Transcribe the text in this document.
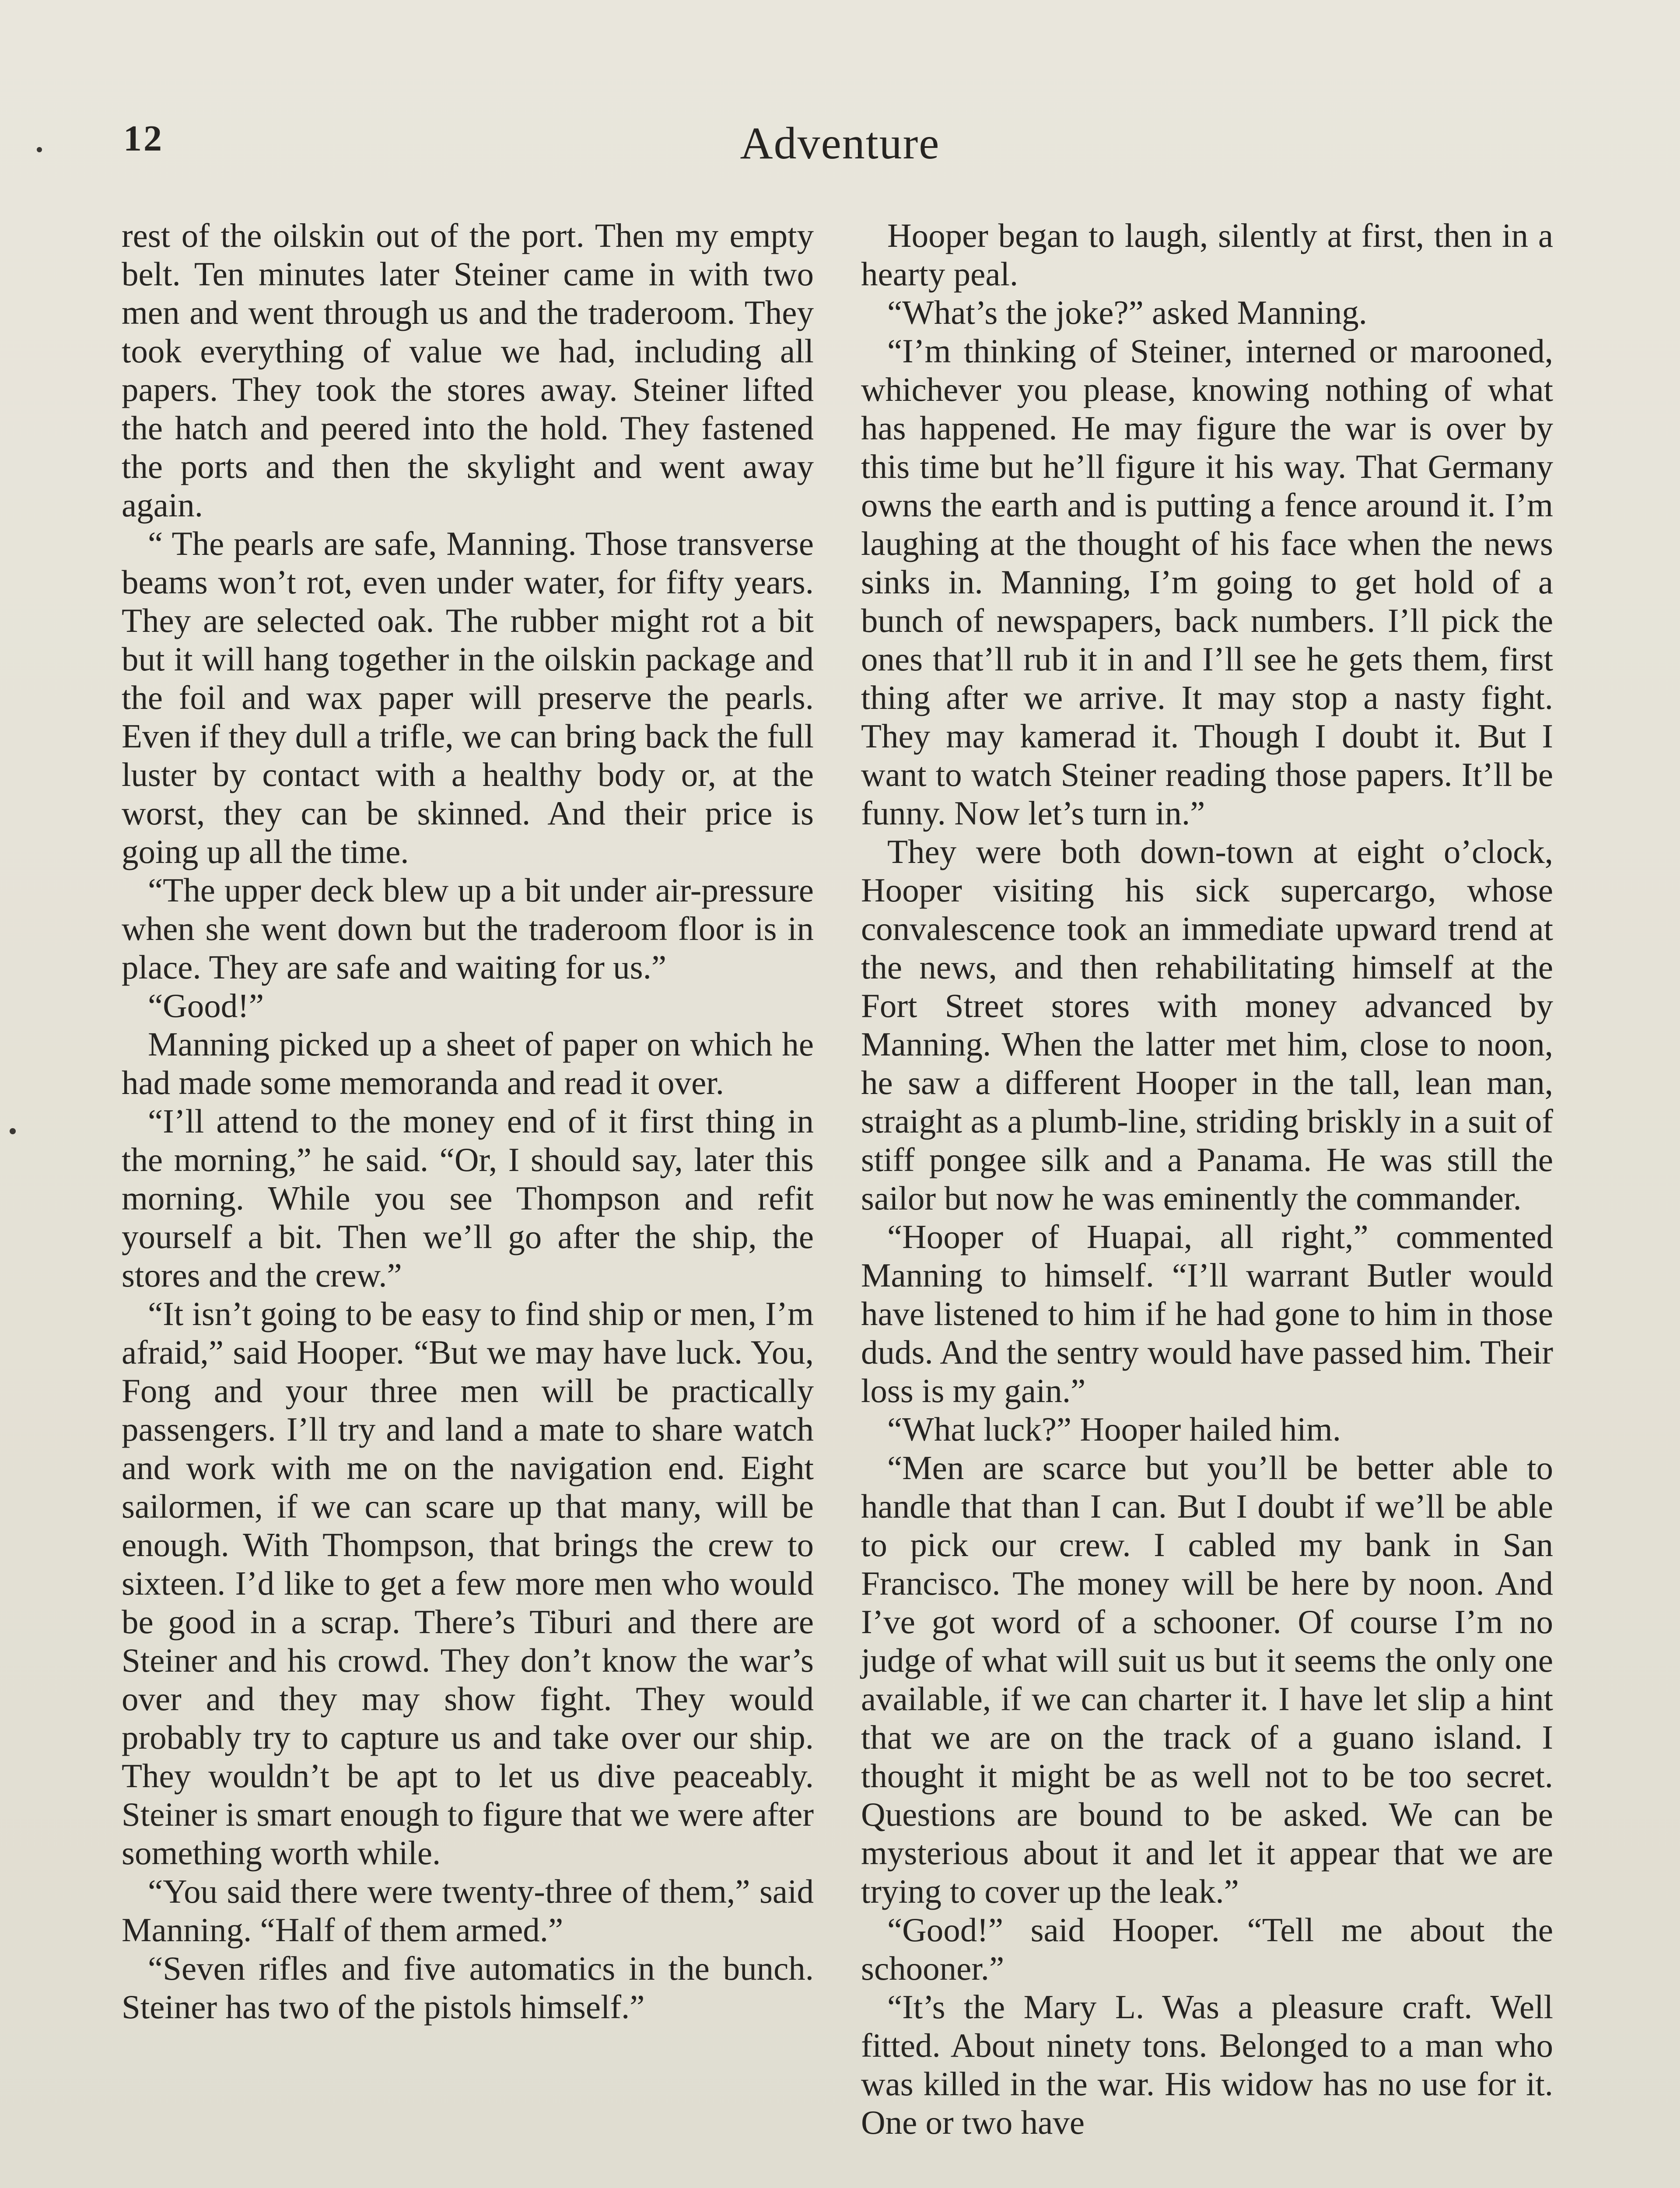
12	Adventure

rest of the oilskin out of the port. Then my empty belt. Ten minutes later Steiner came in with two men and went through us and the traderoom. They took everything of value we had, including all papers. They took the stores away. Steiner lifted the hatch and peered into the hold. They fastened the ports and then the skylight and went away again.

“ The pearls are safe, Manning. Those transverse beams won’t rot, even under water, for fifty years. They are selected oak. The rubber might rot a bit but it will hang together in the oilskin package and the foil and wax paper will preserve the pearls. Even if they dull a trifle, we can bring back the full luster by contact with a healthy body or, at the worst, they can be skinned. And their price is going up all the time.

“The upper deck blew up a bit under air-pressure when she went down but the traderoom floor is in place. They are safe and waiting for us.”

“Good!”

Manning picked up a sheet of paper on which he had made some memoranda and read it over.

“I’ll attend to the money end of it first thing in the morning,” he said. “Or, I should say, later this morning. While you see Thompson and refit yourself a bit. Then we’ll go after the ship, the stores and the crew.”

“It isn’t going to be easy to find ship or men, I’m afraid,” said Hooper. “But we may have luck. You, Fong and your three men will be practically passengers. I’ll try and land a mate to share watch and work with me on the navigation end. Eight sailormen, if we can scare up that many, will be enough. With Thompson, that brings the crew to sixteen. I’d like to get a few more men who would be good in a scrap. There’s Tiburi and there are Steiner and his crowd. They don’t know the war’s over and they may show fight. They would probably try to capture us and take over our ship. They wouldn’t be apt to let us dive peaceably. Steiner is smart enough to figure that we were after something worth while.

“You said there were twenty-three of them,” said Manning. “Half of them armed.”

“Seven rifles and five automatics in the bunch. Steiner has two of the pistols himself.”

Hooper began to laugh, silently at first, then in a hearty peal.

“What’s the joke?” asked Manning.

“I’m thinking of Steiner, interned or marooned, whichever you please, knowing nothing of what has happened. He may figure the war is over by this time but he’ll figure it his way. That Germany owns the earth and is putting a fence around it. I’m laughing at the thought of his face when the news sinks in. Manning, I’m going to get hold of a bunch of newspapers, back numbers. I’ll pick the ones that’ll rub it in and I’ll see he gets them, first thing after we arrive. It may stop a nasty fight. They may kamerad it. Though I doubt it. But I want to watch Steiner reading those papers. It’ll be funny. Now let’s turn in.”

They were both down-town at eight o’clock, Hooper visiting his sick supercargo, whose convalescence took an immediate upward trend at the news, and then rehabilitating himself at the Fort Street stores with money advanced by Manning. When the latter met him, close to noon, he saw a different Hooper in the tall, lean man, straight as a plumb-line, striding briskly in a suit of stiff pongee silk and a Panama. He was still the sailor but now he was eminently the commander.

“Hooper of Huapai, all right,” commented Manning to himself. “I’ll warrant Butler would have listened to him if he had gone to him in those duds. And the sentry would have passed him. Their loss is my gain.”

“What luck?” Hooper hailed him.

“Men are scarce but you’ll be better able to handle that than I can. But I doubt if we’ll be able to pick our crew. I cabled my bank in San Francisco. The money will be here by noon. And I’ve got word of a schooner. Of course I’m no judge of what will suit us but it seems the only one available, if we can charter it. I have let slip a hint that we are on the track of a guano island. I thought it might be as well not to be too secret. Questions are bound to be asked. We can be mysterious about it and let it appear that we are trying to cover up the leak.”

“Good!” said Hooper. “Tell me about the schooner.”

“It’s the Mary L. Was a pleasure craft. Well fitted. About ninety tons. Belonged to a man who was killed in the war. His widow has no use for it. One or two have
